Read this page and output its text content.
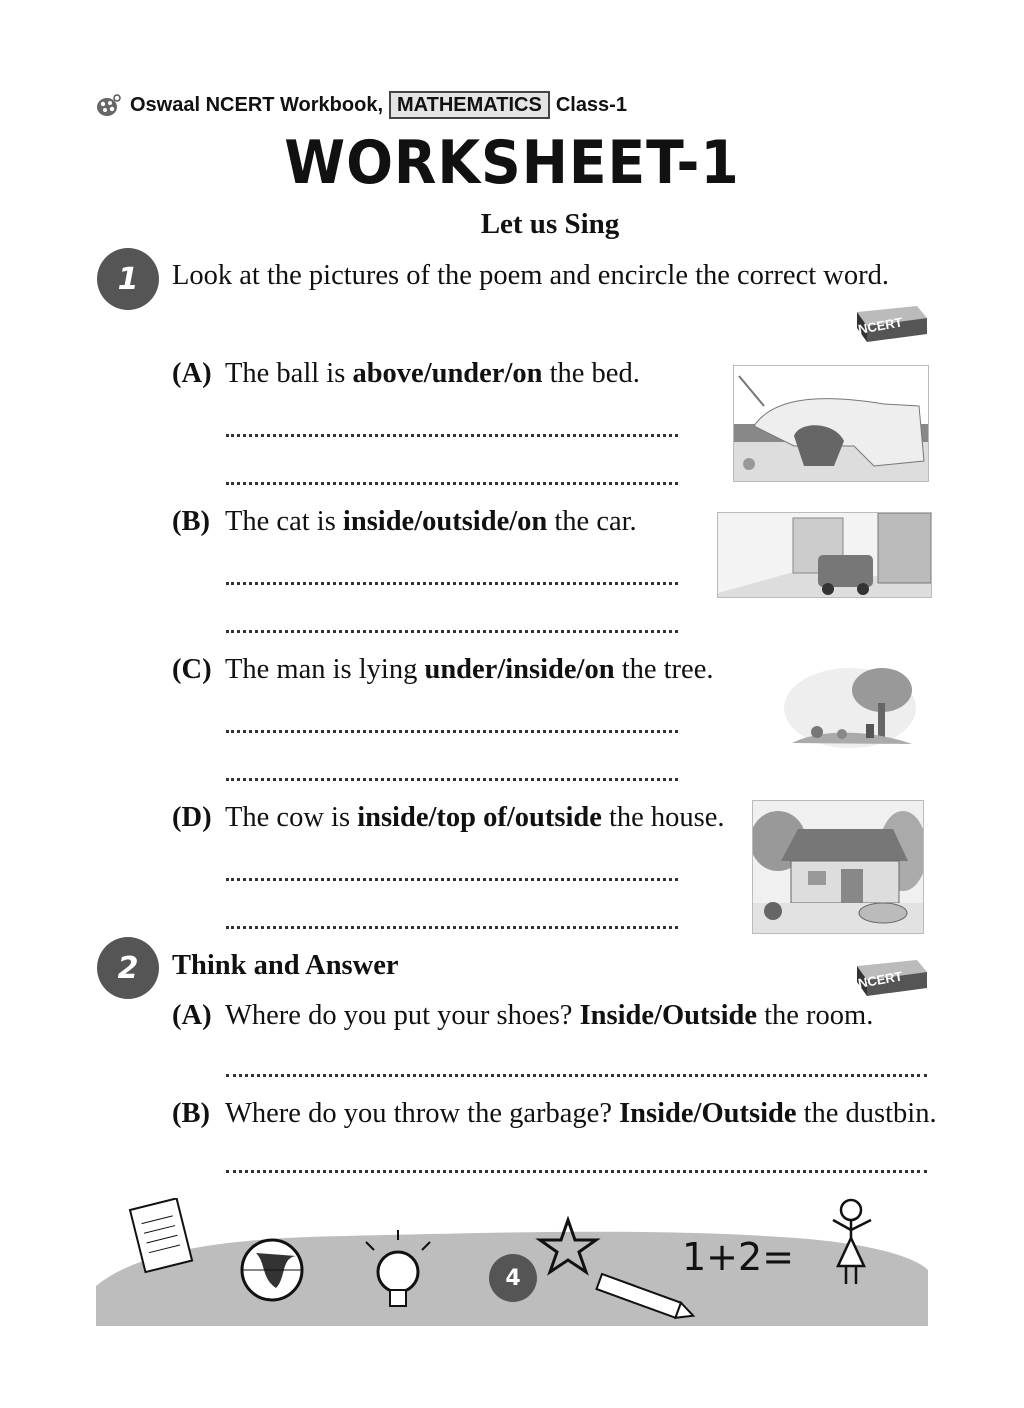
Oswaal NCERT Workbook, MATHEMATICS Class-1
WORKSHEET-1
Let us Sing
1	Look at the pictures of the poem and encircle the correct word.
NCERT
(A) The ball is above/under/on the bed.
(B) The cat is inside/outside/on the car.
(C) The man is lying under/inside/on the tree.
(D) The cow is inside/top of/outside the house.
2	Think and Answer	NCERT
(A) Where do you put your shoes? Inside/Outside the room.
(B) Where do you throw the garbage? Inside/Outside the dustbin.
1+2=
4
